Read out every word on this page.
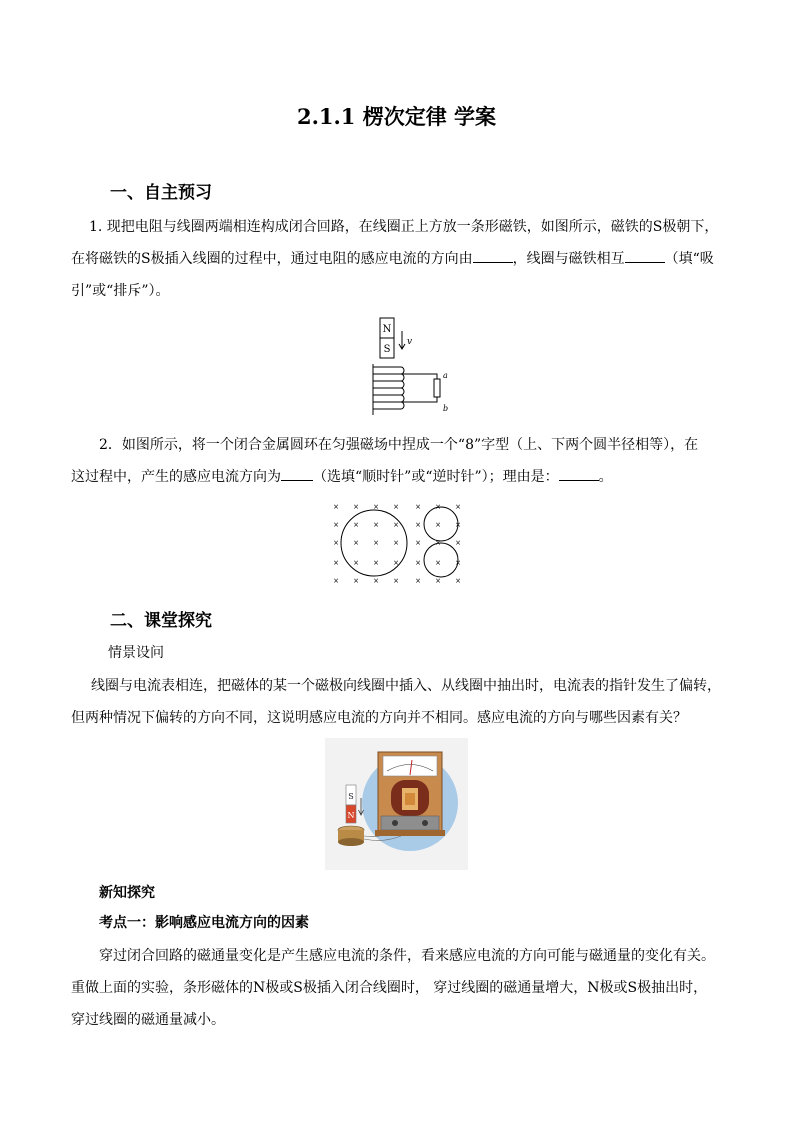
2.1.1 楞次定律 学案
一、自主预习
1. 现把电阻与线圈两端相连构成闭合回路，在线圈正上方放一条形磁铁，如图所示，磁铁的S极朝下，
在将磁铁的S极插入线圈的过程中，通过电阻的感应电流的方向由	，线圈与磁铁相互	（填“吸
引”或“排斥”）。
N
S
v
a
b
2．如图所示，将一个闭合金属圆环在匀强磁场中捏成一个“8”字型（上、下两个圆半径相等），在
这过程中，产生的感应电流方向为 （选填“顺时针”或“逆时针”）；理由是：	。
× × × × × × ×
× × × × × × ×
× × × × × × ×
× × × × × × ×
× × × × × × ×
二、课堂探究
情景设问
线圈与电流表相连，把磁体的某一个磁极向线圈中插入、从线圈中抽出时，电流表的指针发生了偏转，
但两种情况下偏转的方向不同，这说明感应电流的方向并不相同。感应电流的方向与哪些因素有关？
S
N
新知探究
考点一：影响感应电流方向的因素
穿过闭合回路的磁通量变化是产生感应电流的条件，看来感应电流的方向可能与磁通量的变化有关。
重做上面的实验，条形磁体的N极或S极插入闭合线圈时， 穿过线圈的磁通量增大，N极或S极抽出时，
穿过线圈的磁通量减小。
